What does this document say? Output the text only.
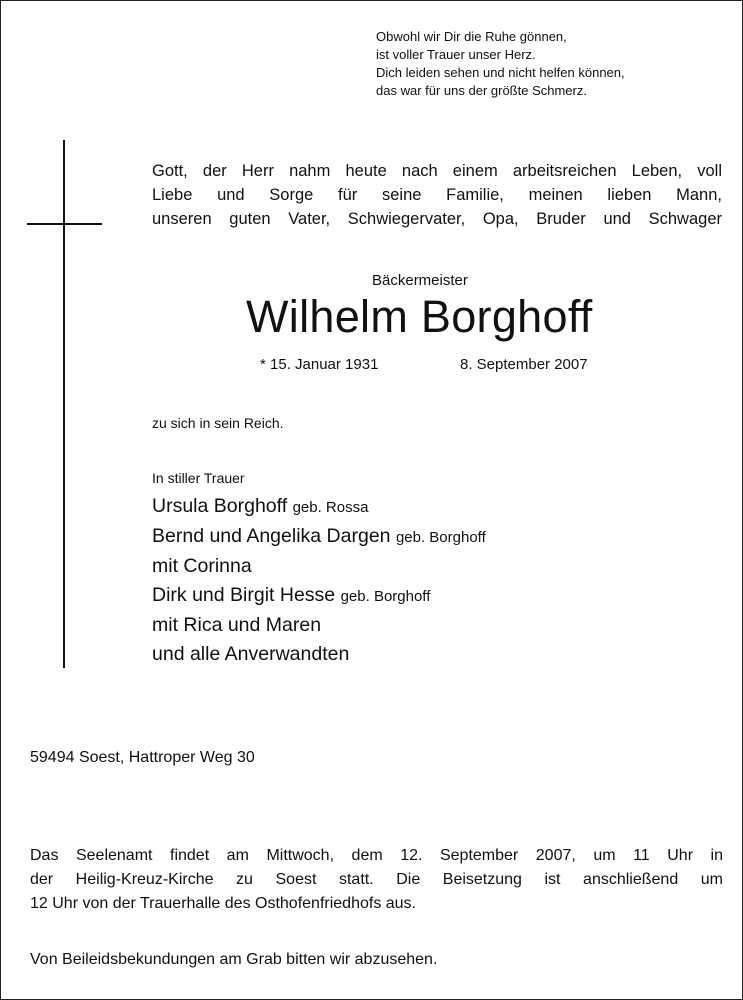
Obwohl wir Dir die Ruhe gönnen,
ist voller Trauer unser Herz.
Dich leiden sehen und nicht helfen können,
das war für uns der größte Schmerz.
Gott, der Herr nahm heute nach einem arbeitsreichen Leben, voll
Liebe und Sorge für seine Familie, meinen lieben Mann,
unseren guten Vater, Schwiegervater, Opa, Bruder und Schwager
Bäckermeister
Wilhelm Borghoff
* 15. Januar 1931	8. September 2007
zu sich in sein Reich.
In stiller Trauer
Ursula Borghoff geb. Rossa
Bernd und Angelika Dargen geb. Borghoff
mit Corinna
Dirk und Birgit Hesse geb. Borghoff
mit Rica und Maren
und alle Anverwandten
59494 Soest, Hattroper Weg 30
Das Seelenamt findet am Mittwoch, dem 12. September 2007, um 11 Uhr in
der Heilig-Kreuz-Kirche zu Soest statt. Die Beisetzung ist anschließend um
12 Uhr von der Trauerhalle des Osthofenfriedhofs aus.
Von Beileidsbekundungen am Grab bitten wir abzusehen.
